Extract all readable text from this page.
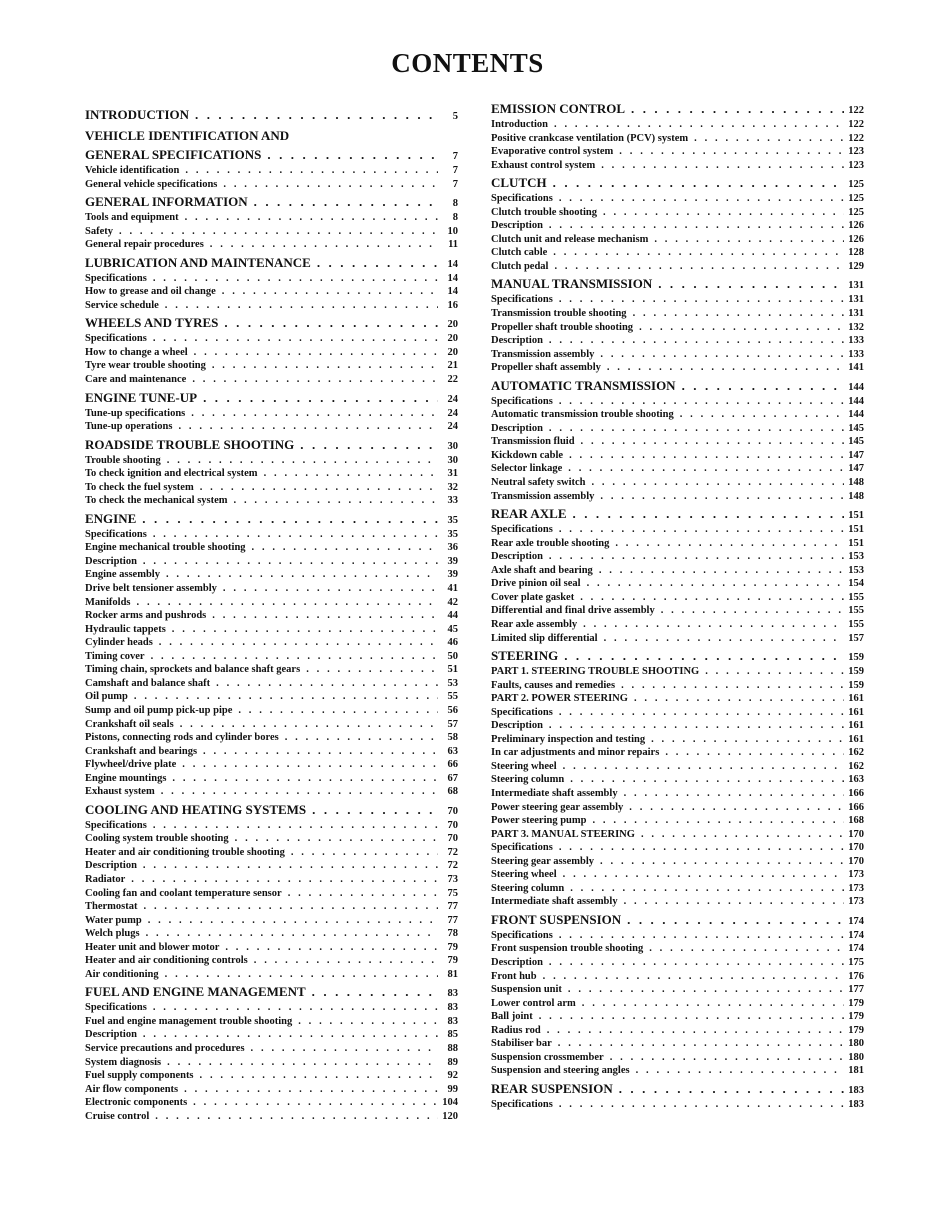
CONTENTS
INTRODUCTION . . .	5
VEHICLE IDENTIFICATION AND
GENERAL SPECIFICATIONS . . .	7
Vehicle identification . . .	7
General vehicle specifications . . .	7
GENERAL INFORMATION . . .	8
Tools and equipment . . .	8
Safety . . .	10
General repair procedures . . .	11
LUBRICATION AND MAINTENANCE . . .	14
Specifications . . .	14
How to grease and oil change . . .	14
Service schedule . . .	16
WHEELS AND TYRES . . .	20
Specifications . . .	20
How to change a wheel . . .	20
Tyre wear trouble shooting . . .	21
Care and maintenance . . .	22
ENGINE TUNE-UP . . .	24
Tune-up specifications . . .	24
Tune-up operations . . .	24
ROADSIDE TROUBLE SHOOTING . . .	30
Trouble shooting . . .	30
To check ignition and electrical system . . .	31
To check the fuel system . . .	32
To check the mechanical system . . .	33
ENGINE . . .	35
Specifications . . .	35
Engine mechanical trouble shooting . . .	36
Description . . .	39
Engine assembly . . .	39
Drive belt tensioner assembly . . .	41
Manifolds . . .	42
Rocker arms and pushrods . . .	44
Hydraulic tappets . . .	45
Cylinder heads . . .	46
Timing cover . . .	50
Timing chain, sprockets and balance shaft gears . . .	51
Camshaft and balance shaft . . .	53
Oil pump . . .	55
Sump and oil pump pick-up pipe . . .	56
Crankshaft oil seals . . .	57
Pistons, connecting rods and cylinder bores . . .	58
Crankshaft and bearings . . .	63
Flywheel/drive plate . . .	66
Engine mountings . . .	67
Exhaust system . . .	68
COOLING AND HEATING SYSTEMS . . .	70
Specifications . . .	70
Cooling system trouble shooting . . .	70
Heater and air conditioning trouble shooting . . .	72
Description . . .	72
Radiator . . .	73
Cooling fan and coolant temperature sensor . . .	75
Thermostat . . .	77
Water pump . . .	77
Welch plugs . . .	78
Heater unit and blower motor . . .	79
Heater and air conditioning controls . . .	79
Air conditioning . . .	81
FUEL AND ENGINE MANAGEMENT . . .	83
Specifications . . .	83
Fuel and engine management trouble shooting . . .	83
Description . . .	85
Service precautions and procedures . . .	88
System diagnosis . . .	89
Fuel supply components . . .	92
Air flow components . . .	99
Electronic components . . .	104
Cruise control . . .	120
EMISSION CONTROL . . .	122
Introduction . . .	122
Positive crankcase ventilation (PCV) system . . .	122
Evaporative control system . . .	123
Exhaust control system . . .	123
CLUTCH . . .	125
Specifications . . .	125
Clutch trouble shooting . . .	125
Description . . .	126
Clutch unit and release mechanism . . .	126
Clutch cable . . .	128
Clutch pedal . . .	129
MANUAL TRANSMISSION . . .	131
Specifications . . .	131
Transmission trouble shooting . . .	131
Propeller shaft trouble shooting . . .	132
Description . . .	133
Transmission assembly . . .	133
Propeller shaft assembly . . .	141
AUTOMATIC TRANSMISSION . . .	144
Specifications . . .	144
Automatic transmission trouble shooting . . .	144
Description . . .	145
Transmission fluid . . .	145
Kickdown cable . . .	147
Selector linkage . . .	147
Neutral safety switch . . .	148
Transmission assembly . . .	148
REAR AXLE . . .	151
Specifications . . .	151
Rear axle trouble shooting . . .	151
Description . . .	153
Axle shaft and bearing . . .	153
Drive pinion oil seal . . .	154
Cover plate gasket . . .	155
Differential and final drive assembly . . .	155
Rear axle assembly . . .	155
Limited slip differential . . .	157
STEERING . . .	159
PART 1. STEERING TROUBLE SHOOTING . . .	159
Faults, causes and remedies . . .	159
PART 2. POWER STEERING . . .	161
Specifications . . .	161
Description . . .	161
Preliminary inspection and testing . . .	161
In car adjustments and minor repairs . . .	162
Steering wheel . . .	162
Steering column . . .	163
Intermediate shaft assembly . . .	166
Power steering gear assembly . . .	166
Power steering pump . . .	168
PART 3. MANUAL STEERING . . .	170
Specifications . . .	170
Steering gear assembly . . .	170
Steering wheel . . .	173
Steering column . . .	173
Intermediate shaft assembly . . .	173
FRONT SUSPENSION . . .	174
Specifications . . .	174
Front suspension trouble shooting . . .	174
Description . . .	175
Front hub . . .	176
Suspension unit . . .	177
Lower control arm . . .	179
Ball joint . . .	179
Radius rod . . .	179
Stabiliser bar . . .	180
Suspension crossmember . . .	180
Suspension and steering angles . . .	181
REAR SUSPENSION . . .	183
Specifications . . .	183
